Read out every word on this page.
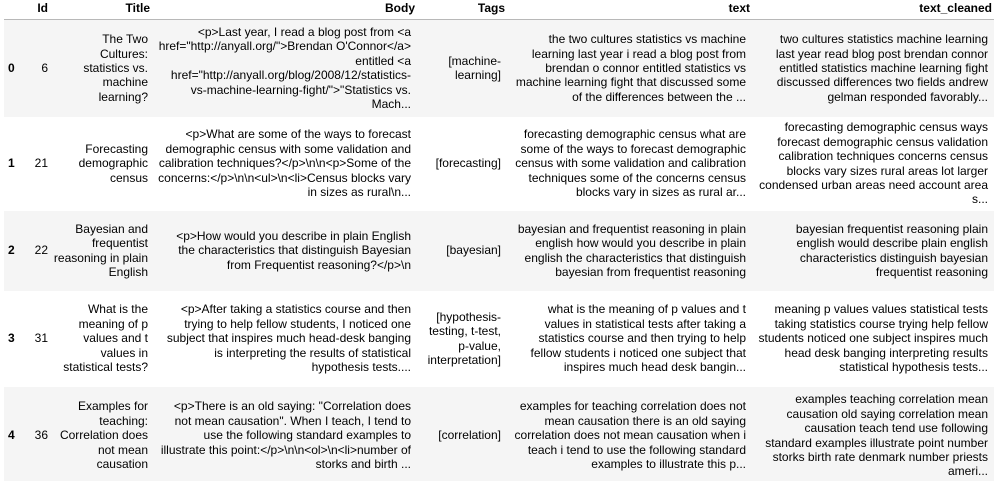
	Id	Title	Body	Tags	text	text_cleaned
0	6	The Two Cultures: statistics vs. machine learning?	<p>Last year, I read a blog post from <a href="http://anyall.org/">Brendan O'Connor</a> entitled <a href="http://anyall.org/blog/2008/12/statistics-vs-machine-learning-fight/">"Statistics vs. Mach...	[machine-learning]	the two cultures statistics vs machine learning last year i read a blog post from brendan o connor entitled statistics vs machine learning fight that discussed some of the differences between the ...	two cultures statistics machine learning last year read blog post brendan connor entitled statistics machine learning fight discussed differences two fields andrew gelman responded favorably...
1	21	Forecasting demographic census	<p>What are some of the ways to forecast demographic census with some validation and calibration techniques?</p>\n\n<p>Some of the concerns:</p>\n\n<ul>\n<li>Census blocks vary in sizes as rural\n...	[forecasting]	forecasting demographic census what are some of the ways to forecast demographic census with some validation and calibration techniques some of the concerns census blocks vary in sizes as rural ar...	forecasting demographic census ways forecast demographic census validation calibration techniques concerns census blocks vary sizes rural areas lot larger condensed urban areas need account area s...
2	22	Bayesian and frequentist reasoning in plain English	<p>How would you describe in plain English the characteristics that distinguish Bayesian from Frequentist reasoning?</p>\n	[bayesian]	bayesian and frequentist reasoning in plain english how would you describe in plain english the characteristics that distinguish bayesian from frequentist reasoning	bayesian frequentist reasoning plain english would describe plain english characteristics distinguish bayesian frequentist reasoning
3	31	What is the meaning of p values and t values in statistical tests?	<p>After taking a statistics course and then trying to help fellow students, I noticed one subject that inspires much head-desk banging is interpreting the results of statistical hypothesis tests....	[hypothesis-testing, t-test, p-value, interpretation]	what is the meaning of p values and t values in statistical tests after taking a statistics course and then trying to help fellow students i noticed one subject that inspires much head desk bangin...	meaning p values values statistical tests taking statistics course trying help fellow students noticed one subject inspires much head desk banging interpreting results statistical hypothesis tests...
4	36	Examples for teaching: Correlation does not mean causation	<p>There is an old saying: "Correlation does not mean causation". When I teach, I tend to use the following standard examples to illustrate this point:</p>\n\n<ol>\n<li>number of storks and birth ...	[correlation]	examples for teaching correlation does not mean causation there is an old saying correlation does not mean causation when i teach i tend to use the following standard examples to illustrate this p...	examples teaching correlation mean causation old saying correlation mean causation teach tend use following standard examples illustrate point number storks birth rate denmark number priests ameri...
